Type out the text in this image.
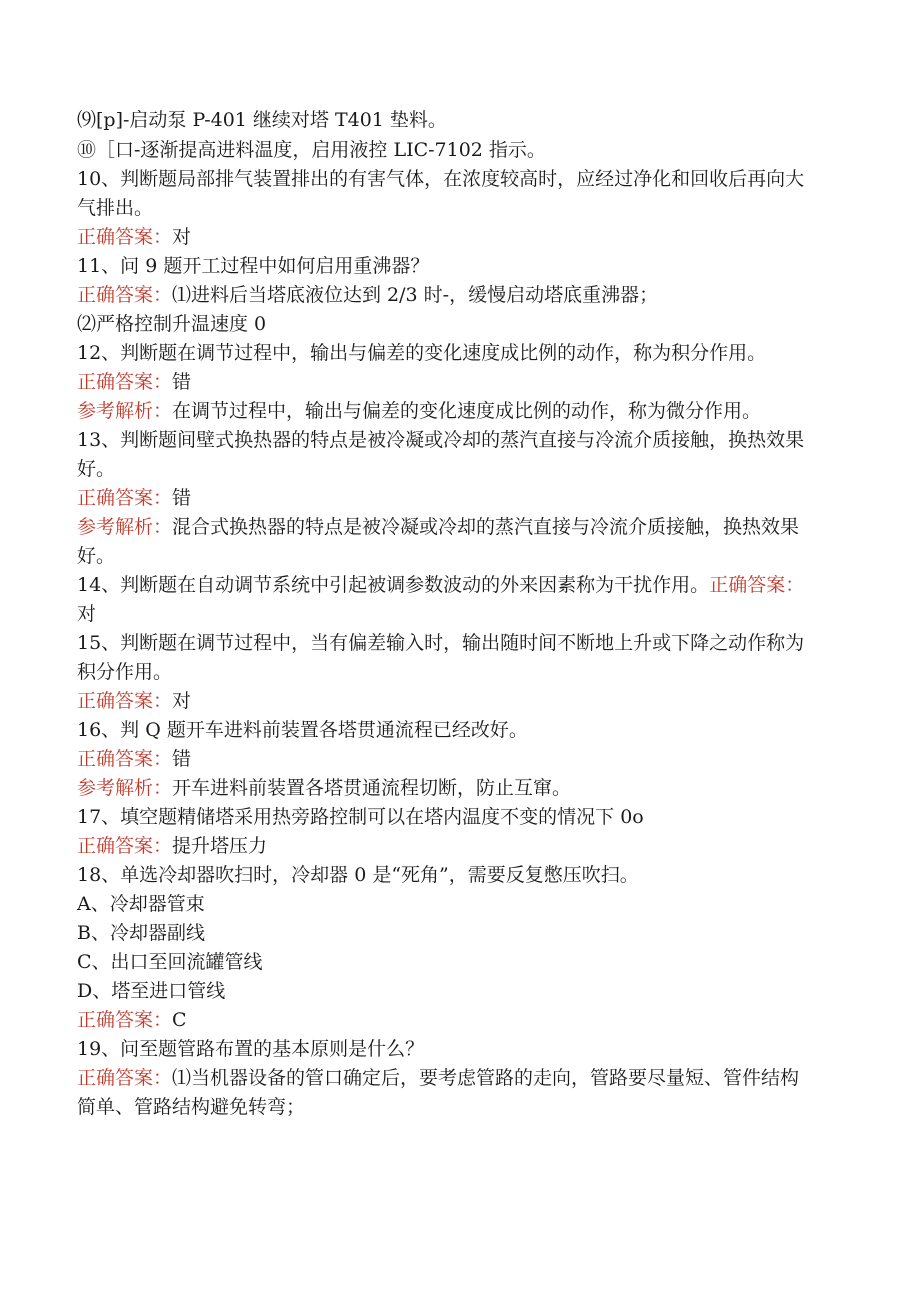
⑼[p]-启动泵 P-401 继续对塔 T401 垫料。
⑩［口-逐渐提高进料温度，启用液控 LIC-7102 指示。
10、判断题局部排气装置排出的有害气体，在浓度较高时，应经过净化和回收后再向大气排出。
正确答案：对
11、问 9 题开工过程中如何启用重沸器？
正确答案：⑴进料后当塔底液位达到 2/3 时-，缓慢启动塔底重沸器；
⑵严格控制升温速度 0
12、判断题在调节过程中，输出与偏差的变化速度成比例的动作，称为积分作用。
正确答案：错
参考解析：在调节过程中，输出与偏差的变化速度成比例的动作，称为微分作用。
13、判断题间壁式换热器的特点是被冷凝或冷却的蒸汽直接与冷流介质接触，换热效果好。
正确答案：错
参考解析：混合式换热器的特点是被冷凝或冷却的蒸汽直接与冷流介质接触，换热效果好。
14、判断题在自动调节系统中引起被调参数波动的外来因素称为干扰作用。正确答案：对
15、判断题在调节过程中，当有偏差输入时，输出随时间不断地上升或下降之动作称为积分作用。
正确答案：对
16、判 Q 题开车进料前装置各塔贯通流程已经改好。
正确答案：错
参考解析：开车进料前装置各塔贯通流程切断，防止互窜。
17、填空题精储塔采用热旁路控制可以在塔内温度不变的情况下 0o
正确答案：提升塔压力
18、单选冷却器吹扫时，冷却器 0 是“死角”，需要反复憋压吹扫。
A、冷却器管束
B、冷却器副线
C、出口至回流罐管线
D、塔至进口管线
正确答案：C
19、问至题管路布置的基本原则是什么？
正确答案：⑴当机器设备的管口确定后，要考虑管路的走向，管路要尽量短、管件结构简单、管路结构避免转弯；
